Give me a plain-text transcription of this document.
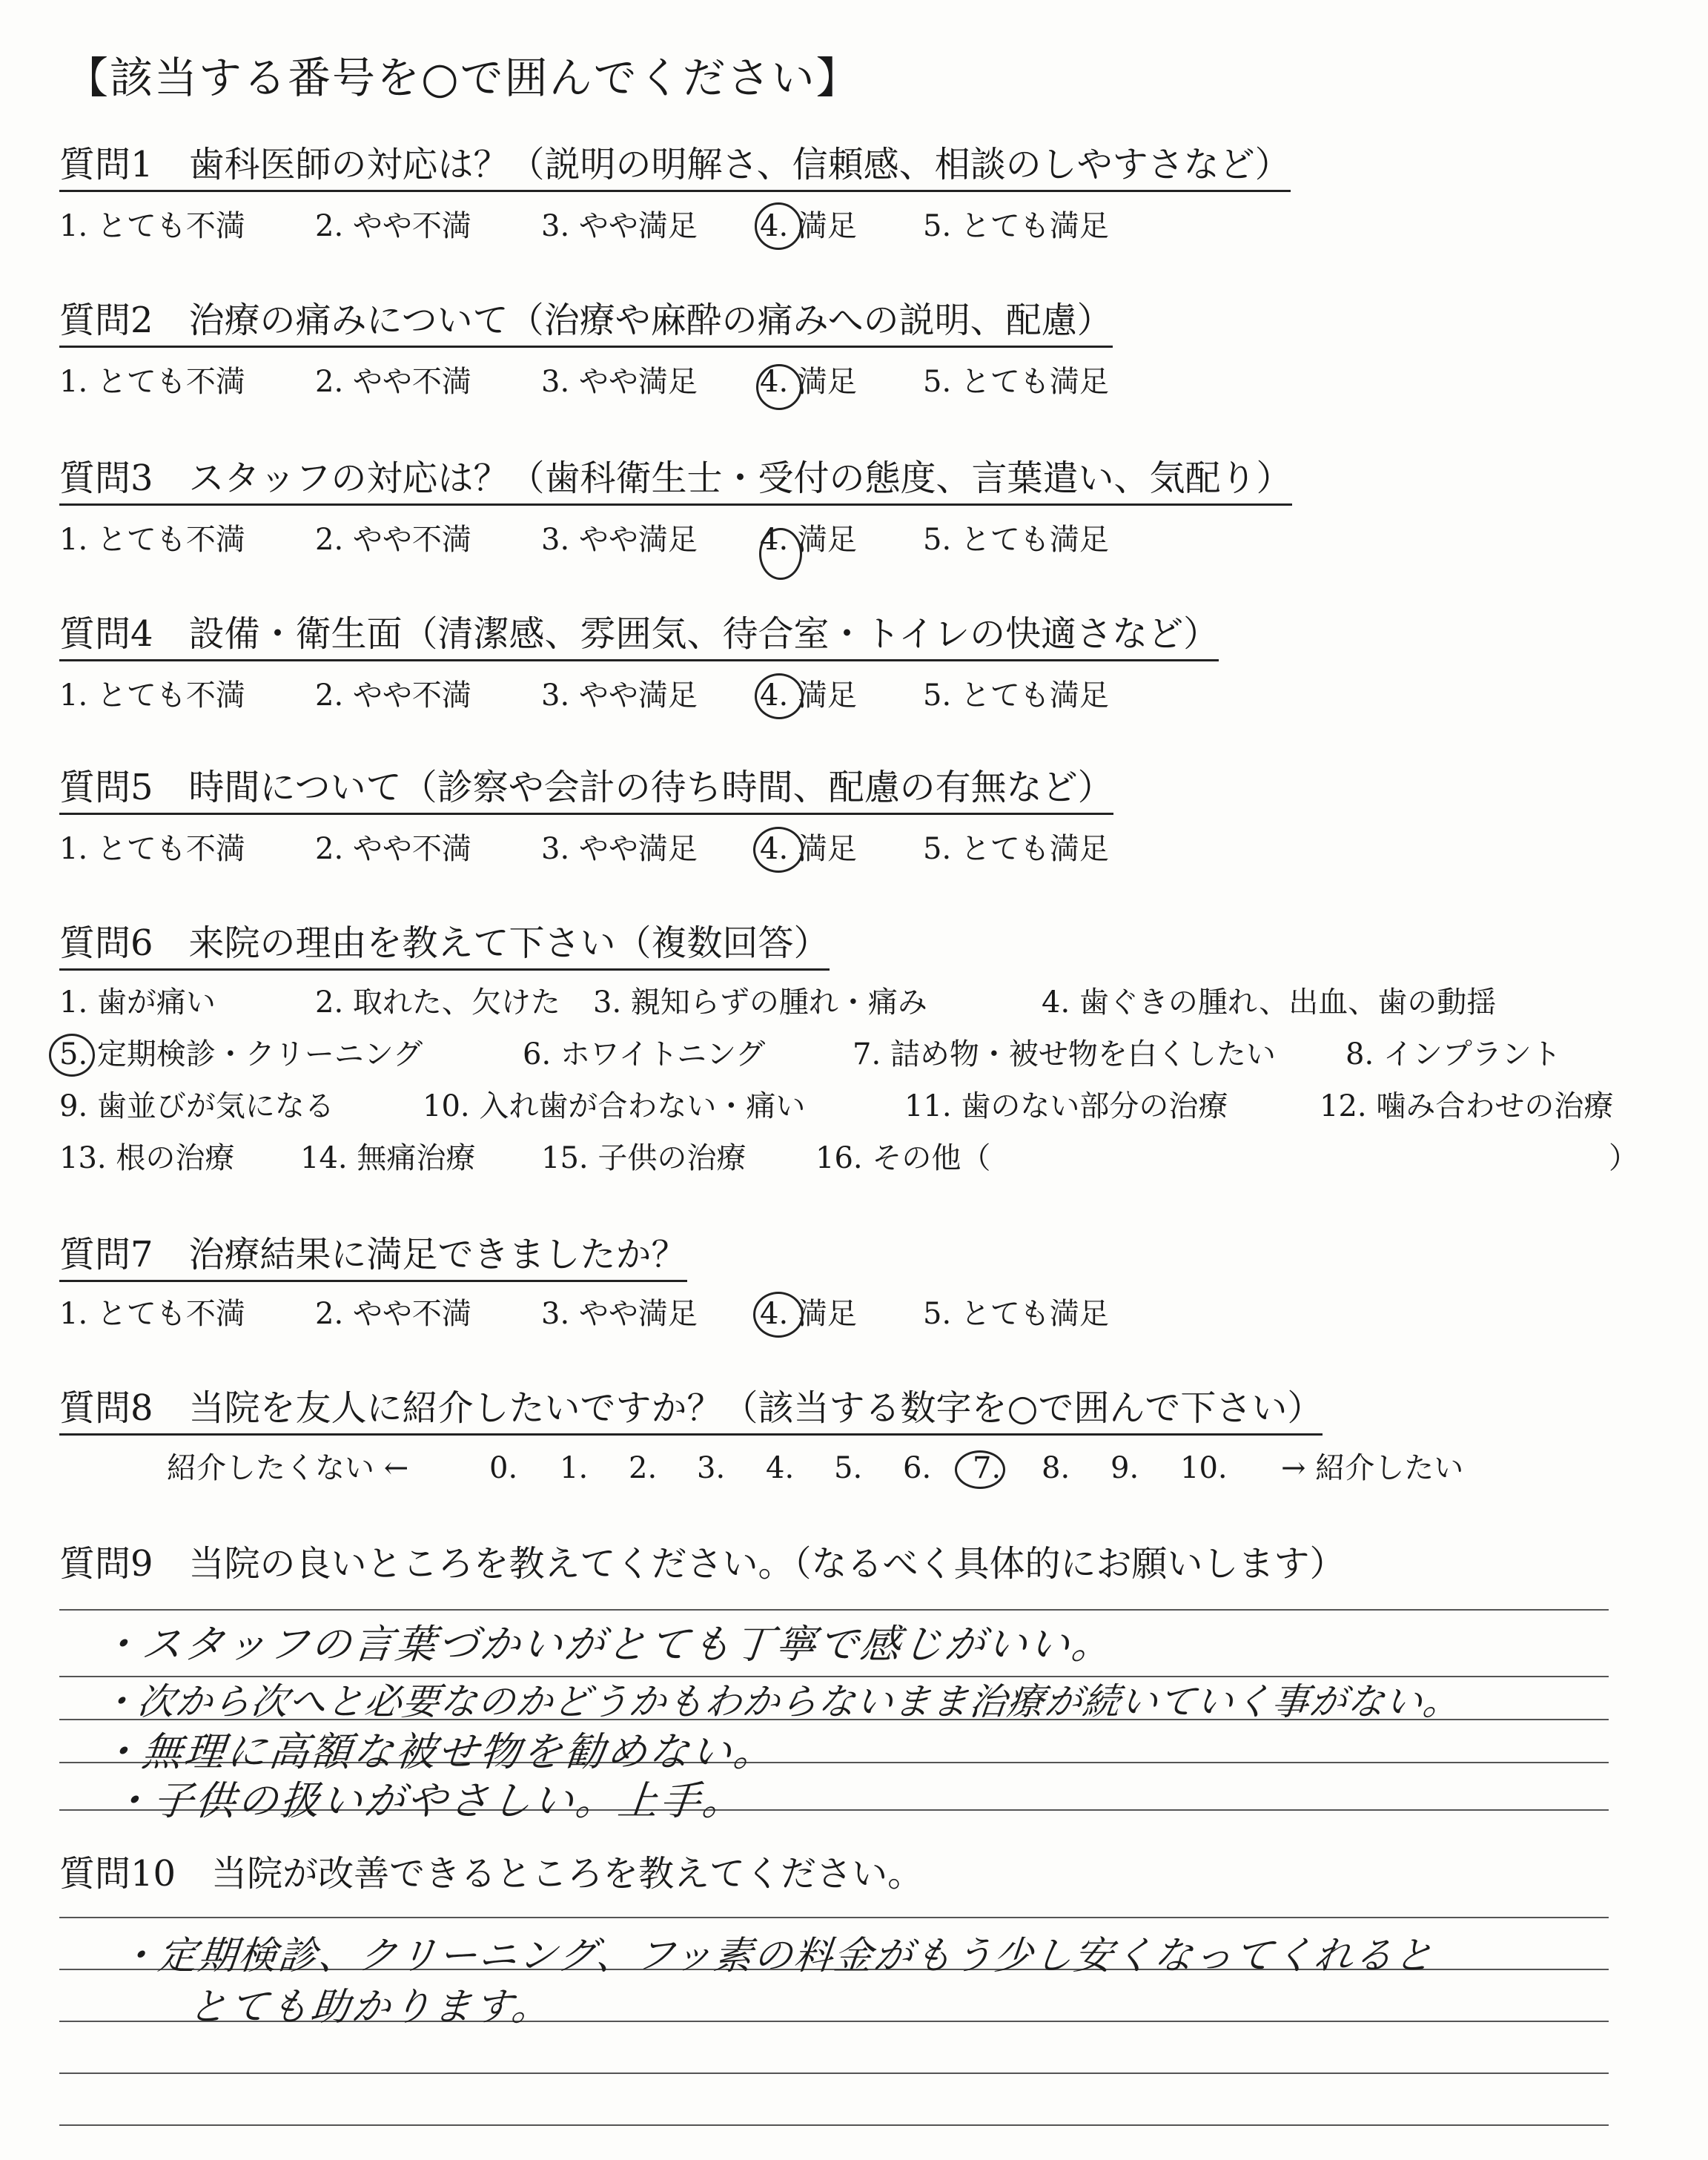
【該当する番号を○で囲んでください】
質問1　歯科医師の対応は？（説明の明解さ、信頼感、相談のしやすさなど）
1. とても不満 2. やや不満 3. やや満足 4. 満足 5. とても満足
質問2　治療の痛みについて（治療や麻酔の痛みへの説明、配慮）
1. とても不満 2. やや不満 3. やや満足 4. 満足 5. とても満足
質問3　スタッフの対応は？（歯科衛生士・受付の態度、言葉遣い、気配り）
1. とても不満 2. やや不満 3. やや満足 4. 満足 5. とても満足
質問4　設備・衛生面（清潔感、雰囲気、待合室・トイレの快適さなど）
1. とても不満 2. やや不満 3. やや満足 4. 満足 5. とても満足
質問5　時間について（診察や会計の待ち時間、配慮の有無など）
1. とても不満 2. やや不満 3. やや満足 4. 満足 5. とても満足
質問6　来院の理由を教えて下さい（複数回答）
1. 歯が痛い	2. 取れた、欠けた 3. 親知らずの腫れ・痛み	4. 歯ぐきの腫れ、出血、歯の動揺
5. 定期検診・クリーニング	6. ホワイトニング	7. 詰め物・被せ物を白くしたい 8. インプラント
9. 歯並びが気になる	10. 入れ歯が合わない・痛い	11. 歯のない部分の治療	12. 噛み合わせの治療
13. 根の治療 14. 無痛治療 15. 子供の治療 16. その他（	）
質問7　治療結果に満足できましたか？
1. とても不満 2. やや不満 3. やや満足 4. 満足 5. とても満足
質問8　当院を友人に紹介したいですか？（該当する数字を○で囲んで下さい）
紹介したくない ←	0. 1. 2. 3. 4. 5. 6. 7. 8. 9. 10. → 紹介したい
質問9　当院の良いところを教えてください。（なるべく具体的にお願いします）
・スタッフの言葉づかいがとても丁寧で感じがいい。
・次から次へと必要なのかどうかもわからないまま治療が続いていく事がない。
・無理に高額な被せ物を勧めない。
・子供の扱いがやさしい。上手。
質問10　当院が改善できるところを教えてください。
・定期検診、クリーニング、フッ素の料金がもう少し安くなってくれると
とても助かります。
